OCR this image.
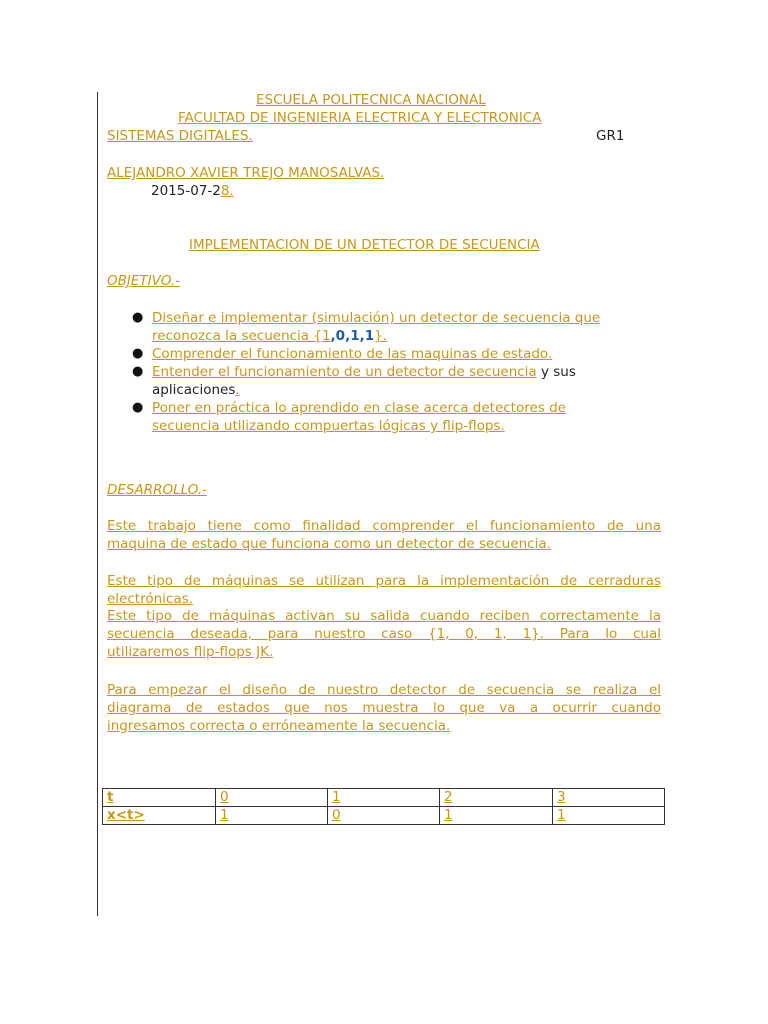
ESCUELA POLITECNICA NACIONAL
FACULTAD DE INGENIERIA ELECTRICA Y ELECTRONICA
SISTEMAS DIGITALES.	GR1
ALEJANDRO XAVIER TREJO MANOSALVAS.
2015-07-28.
IMPLEMENTACION DE UN DETECTOR DE SECUENCIA
OBJETIVO.-
● Diseñar e implementar (simulación) un detector de secuencia que
reconozca la secuencia {1,0,1,1}.
● Comprender el funcionamiento de las maquinas de estado.
● Entender el funcionamiento de un detector de secuencia y sus
aplicaciones.
● Poner en práctica lo aprendido en clase acerca detectores de
secuencia utilizando compuertas lógicas y flip-flops.
DESARROLLO.-
Este trabajo tiene como finalidad comprender el funcionamiento de una
maquina de estado que funciona como un detector de secuencia.
Este tipo de máquinas se utilizan para la implementación de cerraduras
electrónicas.
Este tipo de máquinas activan su salida cuando reciben correctamente la
secuencia deseada, para nuestro caso {1, 0, 1, 1}. Para lo cual
utilizaremos flip-flops JK.
Para empezar el diseño de nuestro detector de secuencia se realiza el
diagrama de estados que nos muestra lo que va a ocurrir cuando
ingresamos correcta o erróneamente la secuencia.
t	0	1	2	3
x<t>	1	0	1	1
